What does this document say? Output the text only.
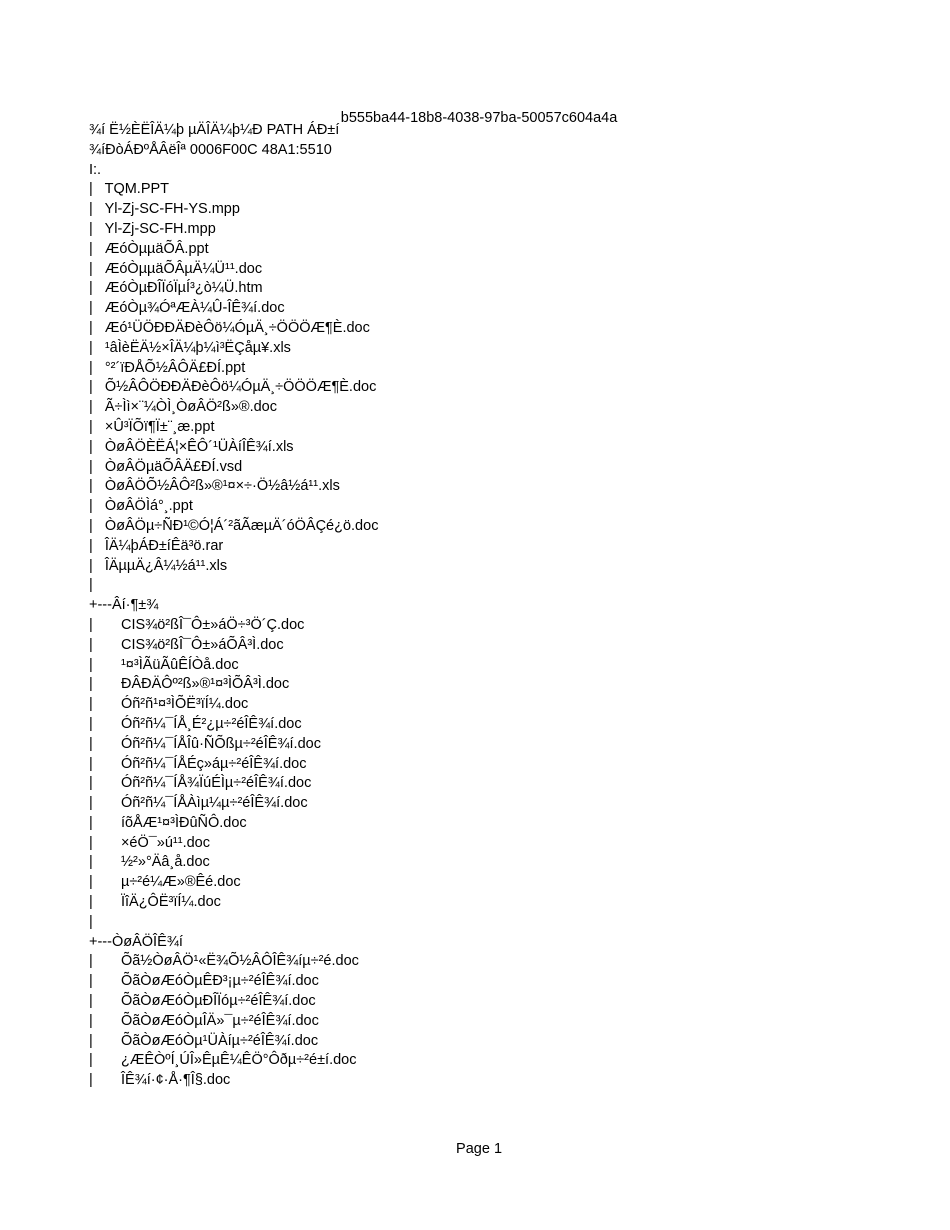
b555ba44-18b8-4038-97ba-50057c604a4a

¾í Ë½ÈËÎÄ¼þ µÄÎÄ¼þ¼Ð PATH ÁÐ±í
¾íÐòÁÐºÅÂëÎª 0006F00C 48A1:5510
I:.
|   TQM.PPT
|   Yl-Zj-SC-FH-YS.mpp
|   Yl-Zj-SC-FH.mpp
|   ÆóÒµµäÕÂ.ppt
|   ÆóÒµµäÕÂµÄ¼Ü¹¹.doc
|   ÆóÒµÐÎÏóÏµÍ³¿ò¼Ü.htm
|   ÆóÒµ¾ÓªÆÀ¼Û-ÎÊ¾í.doc
|   Æó¹ÜÖÐÐÄÐèÔö¼ÓµÄ¸÷ÖÖÖÆ¶È.doc
|   ¹âÌèËÄ½×ÎÄ¼þ¼ì³ËÇåµ¥.xls
|   °²´ïÐÅÕ½ÂÔÄ£ÐÍ.ppt
|   Õ½ÂÔÖÐÐÄÐèÔö¼ÓµÄ¸÷ÖÖÖÆ¶È.doc
|   Ã÷Ìì×¨¼ÒÌ¸ÒøÂÖ²ß»®.doc
|   ×Û³ÏÕï¶Ï±¨¸æ.ppt
|   ÒøÂÖÈËÁ¦×ÊÔ´¹ÜÀíÎÊ¾í.xls
|   ÒøÂÖµäÕÂÄ£ÐÍ.vsd
|   ÒøÂÖÕ½ÂÔ²ß»®¹¤×÷·Ö½â½á¹¹.xls
|   ÒøÂÖÌá°¸.ppt
|   ÒøÂÖµ÷ÑÐ¹©Ó¦Á´²ãÃæµÄ´óÖÂÇé¿ö.doc
|   ÎÄ¼þÁÐ±íÊä³ö.rar
|   ÎÄµµÄ¿Â¼½á¹¹.xls
|
+---Âí·¶±¾
|       CIS¾ö²ßÎ¯Ô±»áÖ÷³Ö´Ç.doc
|       CIS¾ö²ßÎ¯Ô±»áÕÂ³Ì.doc
|       ¹¤³ÌÃüÃûÊÍÒå.doc
|       ÐÂÐÄÔº²ß»®¹¤³ÌÕÂ³Ì.doc
|       Óñ²ñ¹¤³ÌÕË³ïÍ¼.doc
|       Óñ²ñ¼¯ÍÅ¸É²¿µ÷²éÎÊ¾í.doc
|       Óñ²ñ¼¯ÍÅÎû·ÑÕßµ÷²éÎÊ¾í.doc
|       Óñ²ñ¼¯ÍÅÉç»áµ÷²éÎÊ¾í.doc
|       Óñ²ñ¼¯ÍÅ¾ÏúÉÌµ÷²éÎÊ¾í.doc
|       Óñ²ñ¼¯ÍÅÀìµ¼µ÷²éÎÊ¾í.doc
|       íõÅÆ¹¤³ÌÐûÑÔ.doc
|       ×éÖ¯»ú¹¹.doc
|       ½²»°Äâ¸å.doc
|       µ÷²é¼Æ»®Êé.doc
|       ÏîÄ¿ÔË³ïÍ¼.doc
|
+---ÒøÂÖÎÊ¾í
|       Õã½ÒøÂÖ¹«Ë¾Õ½ÂÔÎÊ¾íµ÷²é.doc
|       ÕãÒøÆóÒµÊÐ³¡µ÷²éÎÊ¾í.doc
|       ÕãÒøÆóÒµÐÎÏóµ÷²éÎÊ¾í.doc
|       ÕãÒøÆóÒµÎÄ»¯µ÷²éÎÊ¾í.doc
|       ÕãÒøÆóÒµ¹ÜÀíµ÷²éÎÊ¾í.doc
|       ¿ÆÊÒºÍ¸ÚÎ»ÊµÊ¼ÊÖ°Ôðµ÷²é±í.doc
|       ÎÊ¾í·¢·Å·¶Î§.doc

Page 1
